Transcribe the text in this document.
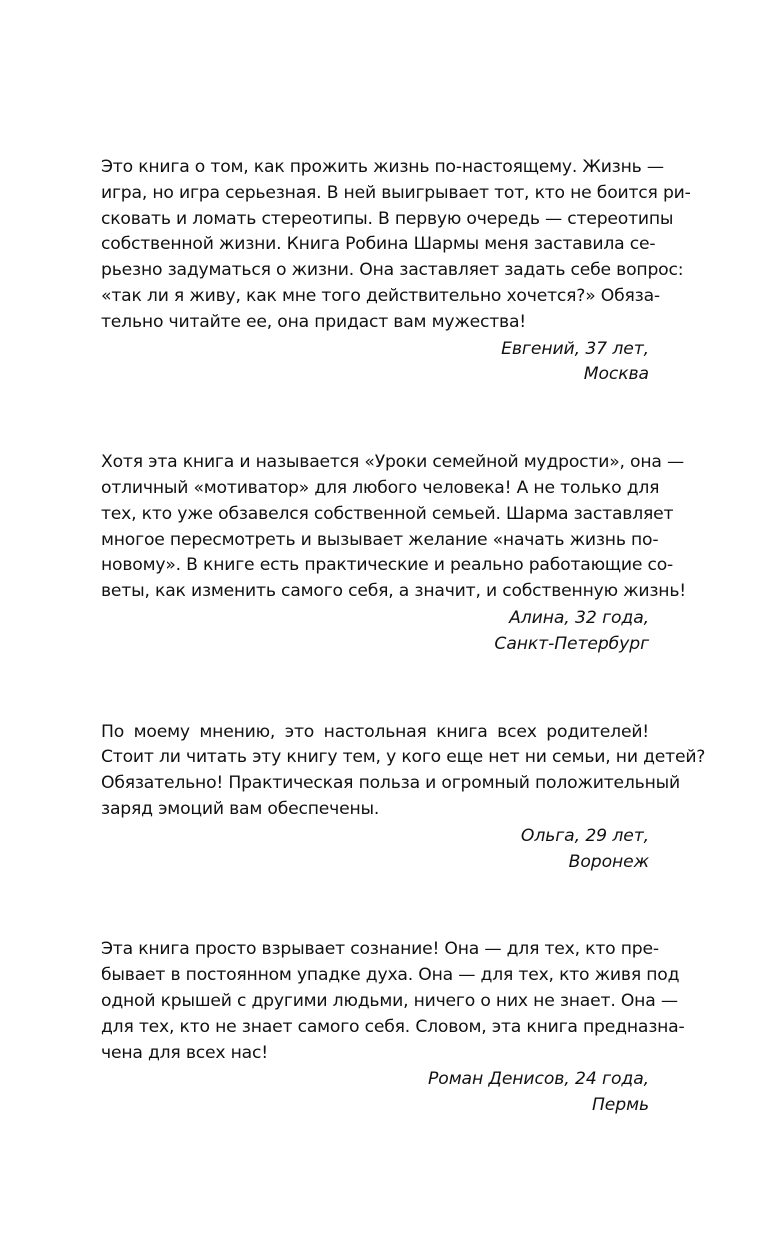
Это книга о том, как прожить жизнь по-настоящему. Жизнь —
игра, но игра серьезная. В ней выигрывает тот, кто не боится ри-
сковать и ломать стереотипы. В первую очередь — стереотипы
собственной жизни. Книга Робина Шармы меня заставила се-
рьезно задуматься о жизни. Она заставляет задать себе вопрос:
«так ли я живу, как мне того действительно хочется?» Обяза-
тельно читайте ее, она придаст вам мужества!
Евгений, 37 лет,
Москва
Хотя эта книга и называется «Уроки семейной мудрости», она —
отличный «мотиватор» для любого человека! А не только для
тех, кто уже обзавелся собственной семьей. Шарма заставляет
многое пересмотреть и вызывает желание «начать жизнь по-
новому». В книге есть практические и реально работающие со-
веты, как изменить самого себя, а значит, и собственную жизнь!
Алина, 32 года,
Санкт-Петербург
По моему мнению, это настольная книга всех родителей!
Стоит ли читать эту книгу тем, у кого еще нет ни семьи, ни детей?
Обязательно! Практическая польза и огромный положительный
заряд эмоций вам обеспечены.
Ольга, 29 лет,
Воронеж
Эта книга просто взрывает сознание! Она — для тех, кто пре-
бывает в постоянном упадке духа. Она — для тех, кто живя под
одной крышей с другими людьми, ничего о них не знает. Она —
для тех, кто не знает самого себя. Словом, эта книга предназна-
чена для всех нас!
Роман Денисов, 24 года,
Пермь
